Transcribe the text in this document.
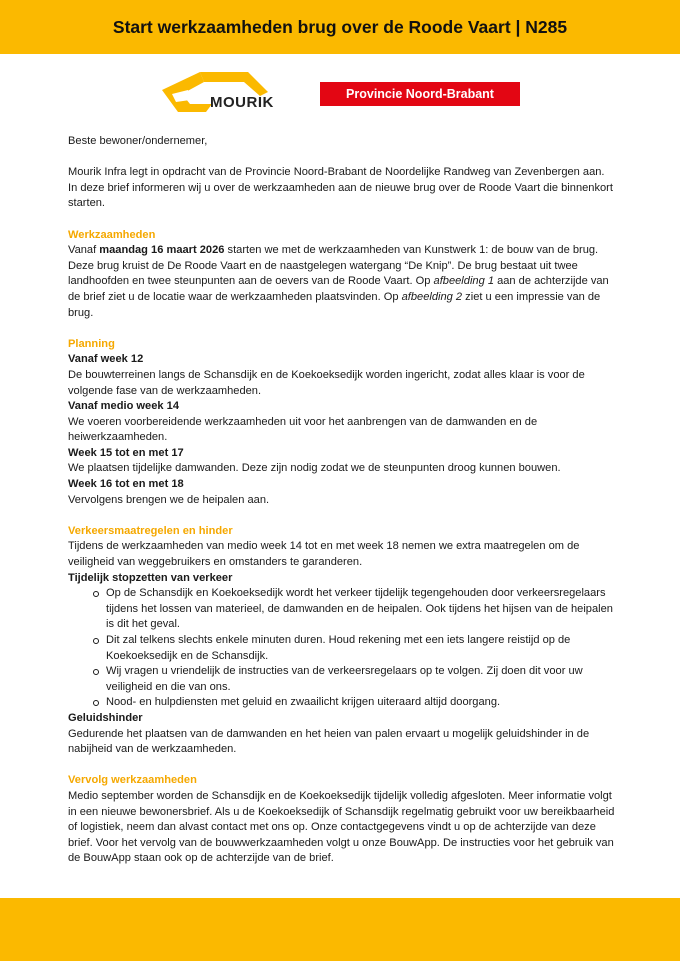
Start werkzaamheden brug over de Roode Vaart | N285
MOURIK	Provincie Noord-Brabant

Beste bewoner/ondernemer,

Mourik Infra legt in opdracht van de Provincie Noord-Brabant de Noordelijke Randweg van Zevenbergen aan. In deze brief informeren wij u over de werkzaamheden aan de nieuwe brug over de Roode Vaart die binnenkort starten.

Werkzaamheden

Vanaf maandag 16 maart 2026 starten we met de werkzaamheden van Kunstwerk 1: de bouw van de brug. Deze brug kruist de De Roode Vaart en de naastgelegen watergang “De Knip”. De brug bestaat uit twee landhoofden en twee steunpunten aan de oevers van de Roode Vaart. Op afbeelding 1 aan de achterzijde van de brief ziet u de locatie waar de werkzaamheden plaatsvinden. Op afbeelding 2 ziet u een impressie van de brug.

Planning

Vanaf week 12

De bouwterreinen langs de Schansdijk en de Koekoeksedijk worden ingericht, zodat alles klaar is voor de volgende fase van de werkzaamheden.

Vanaf medio week 14

We voeren voorbereidende werkzaamheden uit voor het aanbrengen van de damwanden en de heiwerkzaamheden.

Week 15 tot en met 17

We plaatsen tijdelijke damwanden. Deze zijn nodig zodat we de steunpunten droog kunnen bouwen.

Week 16 tot en met 18

Vervolgens brengen we de heipalen aan.

Verkeersmaatregelen en hinder

Tijdens de werkzaamheden van medio week 14 tot en met week 18 nemen we extra maatregelen om de veiligheid van weggebruikers en omstanders te garanderen.

Tijdelijk stopzetten van verkeer

Op de Schansdijk en Koekoeksedijk wordt het verkeer tijdelijk tegengehouden door verkeersregelaars tijdens het lossen van materieel, de damwanden en de heipalen. Ook tijdens het hijsen van de heipalen is dit het geval.
Dit zal telkens slechts enkele minuten duren. Houd rekening met een iets langere reistijd op de Koekoeksedijk en de Schansdijk.
Wij vragen u vriendelijk de instructies van de verkeersregelaars op te volgen. Zij doen dit voor uw veiligheid en die van ons.
Nood- en hulpdiensten met geluid en zwaailicht krijgen uiteraard altijd doorgang.

Geluidshinder

Gedurende het plaatsen van de damwanden en het heien van palen ervaart u mogelijk geluidshinder in de nabijheid van de werkzaamheden.

Vervolg werkzaamheden

Medio september worden de Schansdijk en de Koekoeksedijk tijdelijk volledig afgesloten. Meer informatie volgt in een nieuwe bewonersbrief. Als u de Koekoeksedijk of Schansdijk regelmatig gebruikt voor uw bereikbaarheid of logistiek, neem dan alvast contact met ons op. Onze contactgegevens vindt u op de achterzijde van deze brief. Voor het vervolg van de bouwwerkzaamheden volgt u onze BouwApp. De instructies voor het gebruik van de BouwApp staan ook op de achterzijde van de brief.
